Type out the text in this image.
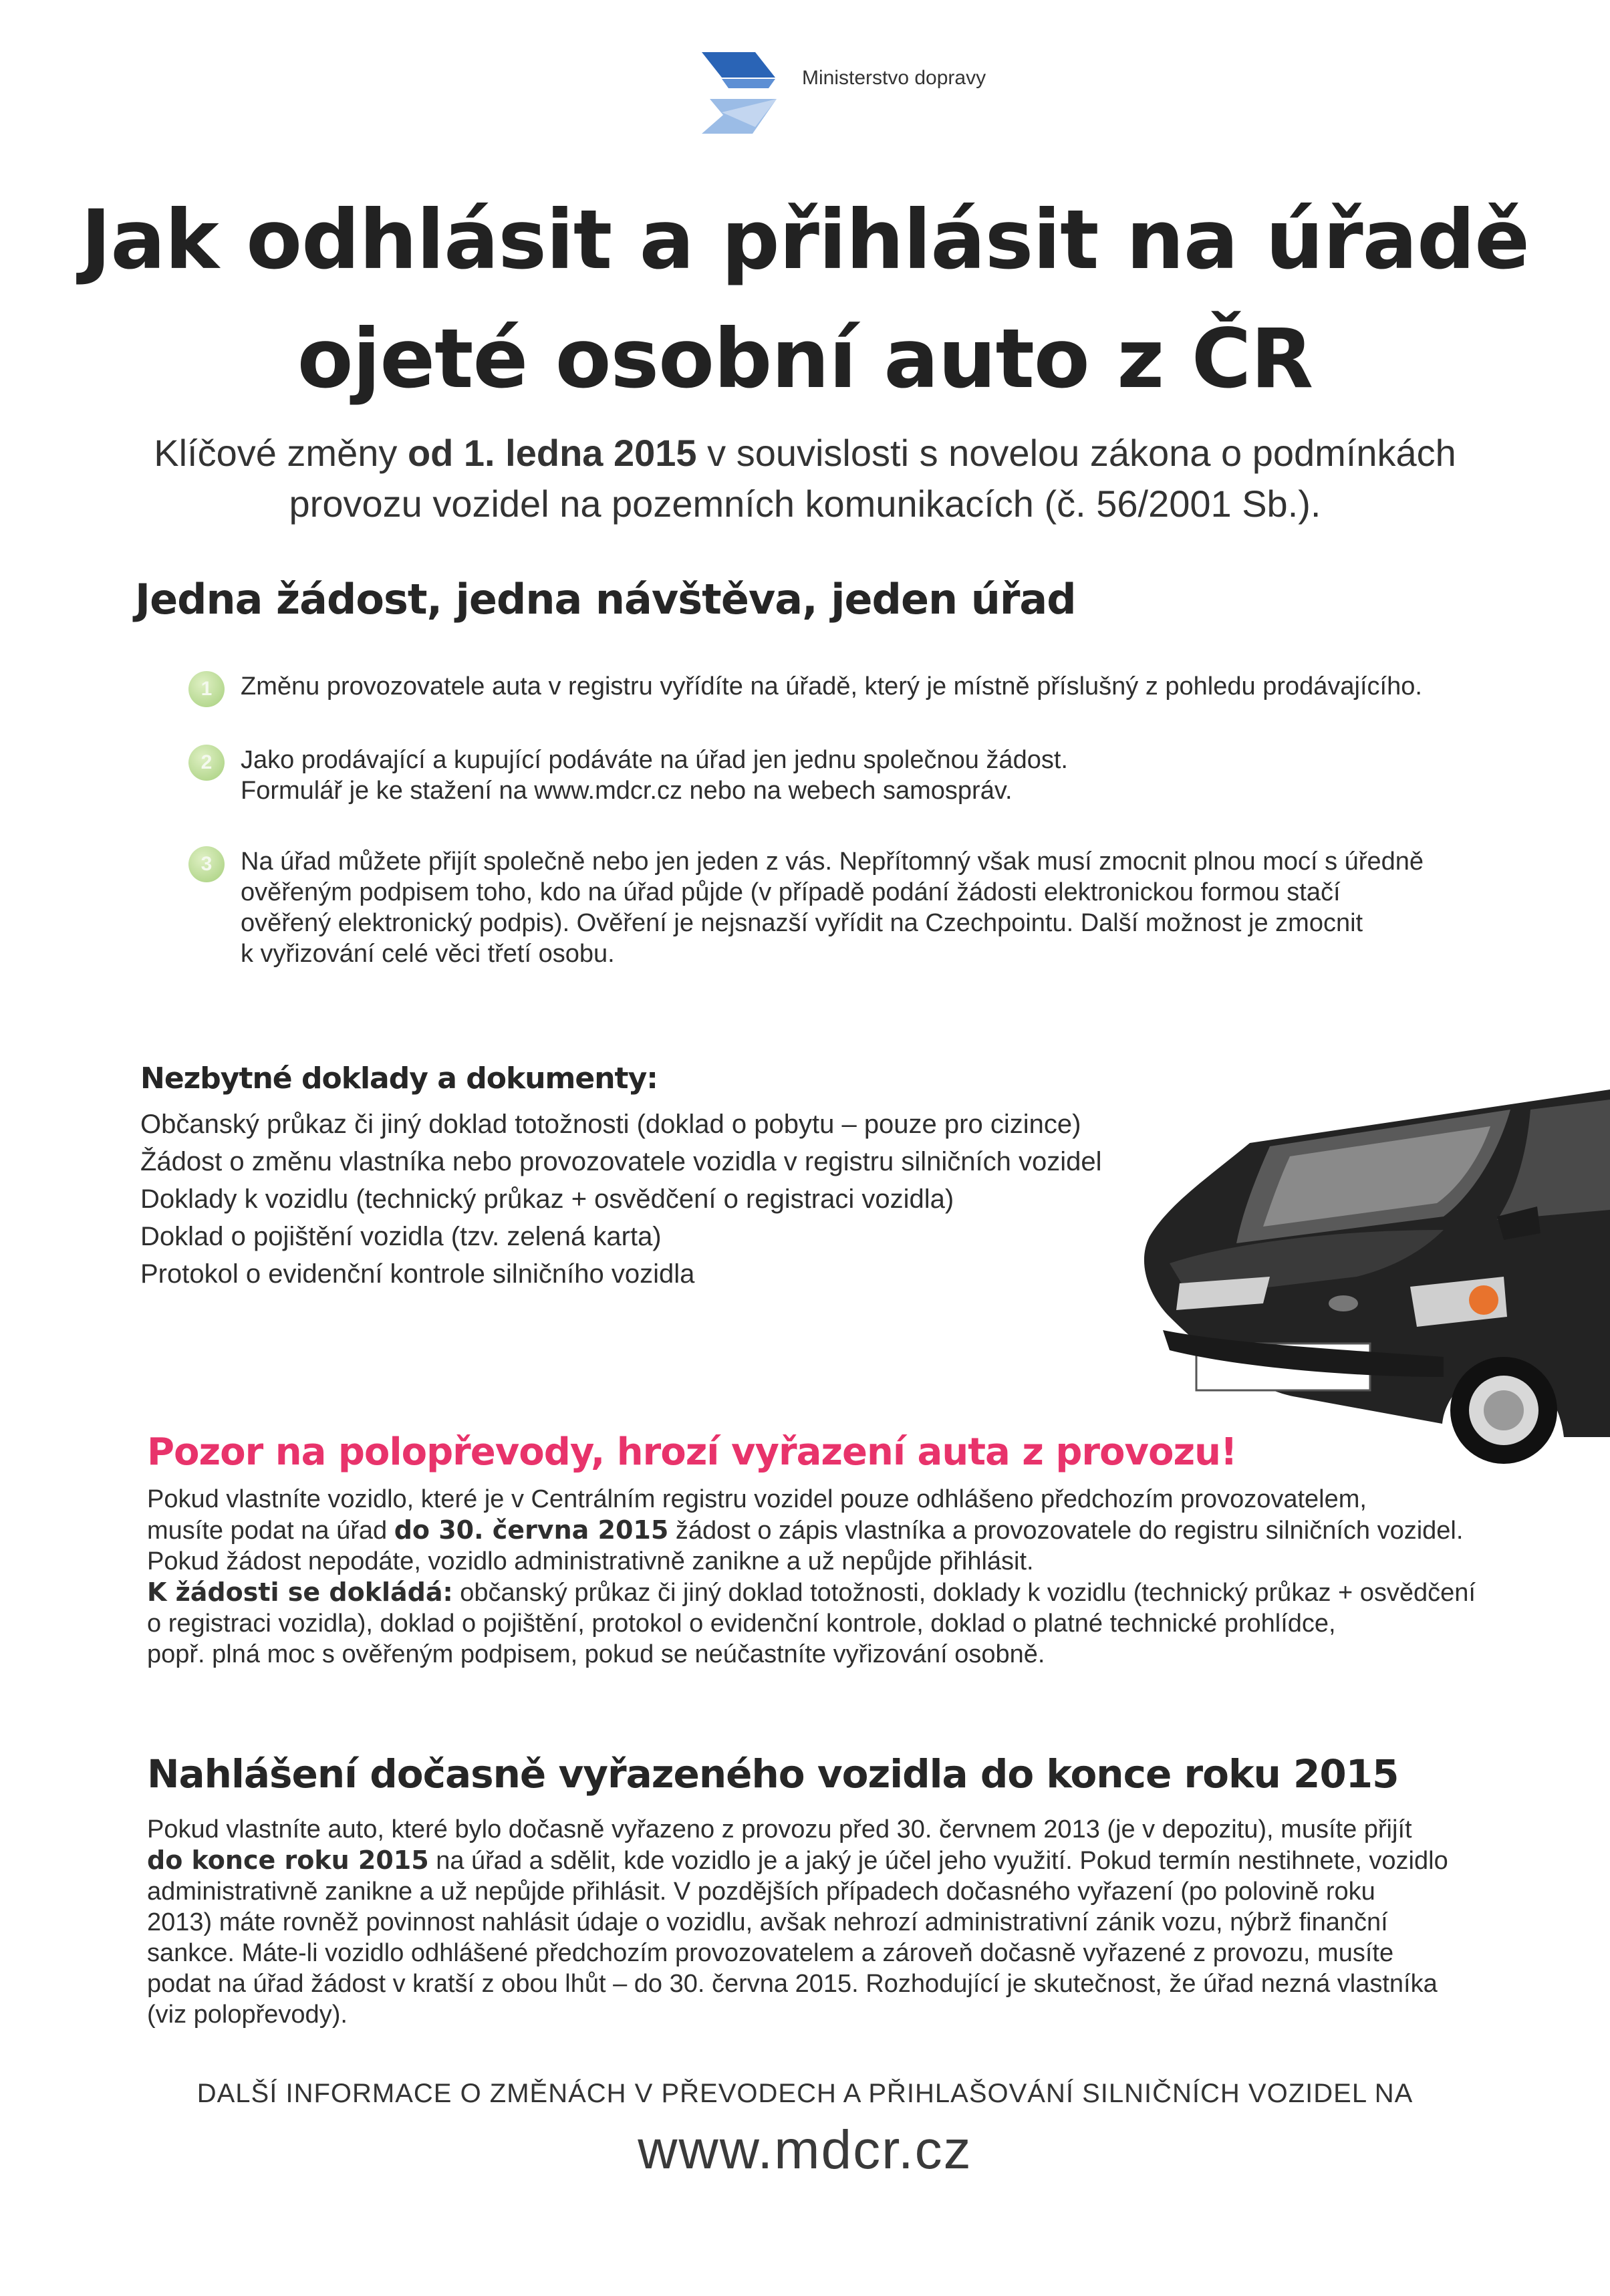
Ministerstvo dopravy
Jak odhlásit a přihlásit na úřadě
ojeté osobní auto z ČR
Klíčové změny od 1. ledna 2015 v souvislosti s novelou zákona o podmínkách
provozu vozidel na pozemních komunikacích (č. 56/2001 Sb.).
Jedna žádost, jedna návštěva, jeden úřad
1	Změnu provozovatele auta v registru vyřídíte na úřadě, který je místně příslušný z pohledu prodávajícího.
2	Jako prodávající a kupující podáváte na úřad jen jednu společnou žádost.
Formulář je ke stažení na www.mdcr.cz nebo na webech samospráv.
3	Na úřad můžete přijít společně nebo jen jeden z vás. Nepřítomný však musí zmocnit plnou mocí s úředně
ověřeným podpisem toho, kdo na úřad půjde (v případě podání žádosti elektronickou formou stačí
ověřený elektronický podpis). Ověření je nejsnazší vyřídit na Czechpointu. Další možnost je zmocnit
k vyřizování celé věci třetí osobu.
Nezbytné doklady a dokumenty:
Občanský průkaz či jiný doklad totožnosti (doklad o pobytu – pouze pro cizince)
Žádost o změnu vlastníka nebo provozovatele vozidla v registru silničních vozidel
Doklady k vozidlu (technický průkaz + osvědčení o registraci vozidla)
Doklad o pojištění vozidla (tzv. zelená karta)
Protokol o evidenční kontrole silničního vozidla
Pozor na polopřevody, hrozí vyřazení auta z provozu!

Pokud vlastníte vozidlo, které je v Centrálním registru vozidel pouze odhlášeno předchozím provozovatelem,

musíte podat na úřad do 30. června 2015 žádost o zápis vlastníka a provozovatele do registru silničních vozidel.

Pokud žádost nepodáte, vozidlo administrativně zanikne a už nepůjde přihlásit.

K žádosti se dokládá: občanský průkaz či jiný doklad totožnosti, doklady k vozidlu (technický průkaz + osvědčení

o registraci vozidla), doklad o pojištění, protokol o evidenční kontrole, doklad o platné technické prohlídce,

popř. plná moc s ověřeným podpisem, pokud se neúčastníte vyřizování osobně.

Nahlášení dočasně vyřazeného vozidla do konce roku 2015

Pokud vlastníte auto, které bylo dočasně vyřazeno z provozu před 30. červnem 2013 (je v depozitu), musíte přijít

do konce roku 2015 na úřad a sdělit, kde vozidlo je a jaký je účel jeho využití. Pokud termín nestihnete, vozidlo

administrativně zanikne a už nepůjde přihlásit. V pozdějších případech dočasného vyřazení (po polovině roku

2013) máte rovněž povinnost nahlásit údaje o vozidlu, avšak nehrozí administrativní zánik vozu, nýbrž finanční

sankce. Máte-li vozidlo odhlášené předchozím provozovatelem a zároveň dočasně vyřazené z provozu, musíte

podat na úřad žádost v kratší z obou lhůt – do 30. června 2015. Rozhodující je skutečnost, že úřad nezná vlastníka

(viz polopřevody).

DALŠÍ INFORMACE O ZMĚNÁCH V PŘEVODECH A PŘIHLAŠOVÁNÍ SILNIČNÍCH VOZIDEL NA
www.mdcr.cz
